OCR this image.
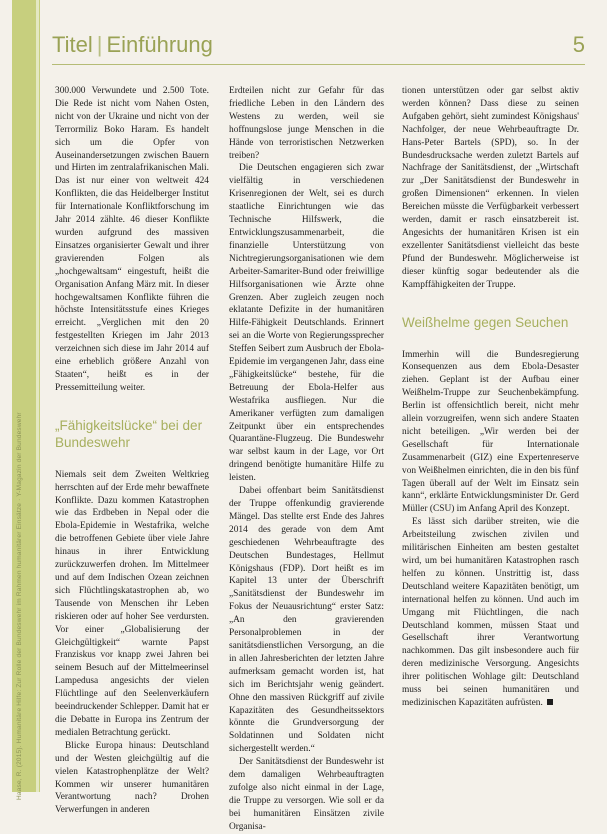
Haase, R. (2015). Humanitäre Hilfe: Zur Rolle der Bundeswehr im Rahmen humanitärer Einsätze · Y-Magazin der Bundeswehr
Titel | Einführung	5

300.000 Verwundete und 2.500 Tote. Die Rede ist nicht vom Nahen Osten, nicht von der Ukraine und nicht von der Terrormiliz Boko Haram. Es handelt sich um die Opfer von Auseinandersetzungen zwischen Bauern und Hirten im zentralafrikanischen Mali. Das ist nur einer von weltweit 424 Konflikten, die das Heidelberger Institut für Internationale Konfliktforschung im Jahr 2014 zählte. 46 dieser Konflikte wurden aufgrund des massiven Einsatzes organisierter Gewalt und ihrer gravierenden Folgen als „hochgewaltsam“ eingestuft, heißt die Organisation Anfang März mit. In dieser hochgewaltsamen Konflikte führen die höchste Intensitätsstufe eines Krieges erreicht. „Verglichen mit den 20 festgestellten Kriegen im Jahr 2013 verzeichnen sich diese im Jahr 2014 auf eine erheblich größere Anzahl von Staaten“, heißt es in der Pressemitteilung weiter.

„Fähigkeitslücke“ bei der Bundeswehr

Niemals seit dem Zweiten Weltkrieg herrschten auf der Erde mehr bewaffnete Konflikte. Dazu kommen Katastrophen wie das Erdbeben in Nepal oder die Ebola-Epidemie in Westafrika, welche die betroffenen Gebiete über viele Jahre hinaus in ihrer Entwicklung zurückzuwerfen drohen. Im Mittelmeer und auf dem Indischen Ozean zeichnen sich Flüchtlingskatastrophen ab, wo Tausende von Menschen ihr Leben riskieren oder auf hoher See verdursten. Vor einer „Globalisierung der Gleichgültigkeit“ warnte Papst Franziskus vor knapp zwei Jahren bei seinem Besuch auf der Mittelmeerinsel Lampedusa angesichts der vielen Flüchtlinge auf den Seelenverkäufern beeindruckender Schlepper. Damit hat er die Debatte in Europa ins Zentrum der medialen Betrachtung gerückt.

Blicke Europa hinaus: Deutschland und der Westen gleichgültig auf die vielen Katastrophenplätze der Welt? Kommen wir unserer humanitären Verantwortung nach? Drohen Verwerfungen in anderen

Erdteilen nicht zur Gefahr für das friedliche Leben in den Ländern des Westens zu werden, weil sie hoffnungslose junge Menschen in die Hände von terroristischen Netzwerken treiben?

Die Deutschen engagieren sich zwar vielfältig in verschiedenen Krisenregionen der Welt, sei es durch staatliche Einrichtungen wie das Technische Hilfswerk, die Entwicklungszusammenarbeit, die finanzielle Unterstützung von Nichtregierungsorganisationen wie dem Arbeiter-Samariter-Bund oder freiwillige Hilfsorganisationen wie Ärzte ohne Grenzen. Aber zugleich zeugen noch eklatante Defizite in der humanitären Hilfe-Fähigkeit Deutschlands. Erinnert sei an die Worte von Regierungssprecher Steffen Seibert zum Ausbruch der Ebola-Epidemie im vergangenen Jahr, dass eine „Fähigkeitslücke“ bestehe, für die Betreuung der Ebola-Helfer aus Westafrika ausfliegen. Nur die Amerikaner verfügten zum damaligen Zeitpunkt über ein entsprechendes Quarantäne-Flugzeug. Die Bundeswehr war selbst kaum in der Lage, vor Ort dringend benötigte humanitäre Hilfe zu leisten.

Dabei offenbart beim Sanitätsdienst der Truppe offenkundig gravierende Mängel. Das stellte erst Ende des Jahres 2014 des gerade von dem Amt geschiedenen Wehrbeauftragte des Deutschen Bundestages, Hellmut Königshaus (FDP). Dort heißt es im Kapitel 13 unter der Überschrift „Sanitätsdienst der Bundeswehr im Fokus der Neuausrichtung“ erster Satz: „An den gravierenden Personalproblemen in der sanitätsdienstlichen Versorgung, an die in allen Jahresberichten der letzten Jahre aufmerksam gemacht worden ist, hat sich im Berichtsjahr wenig geändert. Ohne den massiven Rückgriff auf zivile Kapazitäten des Gesundheitssektors könnte die Grundversorgung der Soldatinnen und Soldaten nicht sichergestellt werden.“

Der Sanitätsdienst der Bundeswehr ist dem damaligen Wehrbeauftragten zufolge also nicht einmal in der Lage, die Truppe zu versorgen. Wie soll er da bei humanitären Einsätzen zivile Organisa-

tionen unterstützen oder gar selbst aktiv werden können? Dass diese zu seinen Aufgaben gehört, sieht zumindest Königshaus' Nachfolger, der neue Wehrbeauftragte Dr. Hans-Peter Bartels (SPD), so. In der Bundesdrucksache werden zuletzt Bartels auf Nachfrage der Sanitätsdienst, der „Wirtschaft zur „Der Sanitätsdienst der Bundeswehr in großen Dimensionen“ erkennen. In vielen Bereichen müsste die Verfügbarkeit verbessert werden, damit er rasch einsatzbereit ist. Angesichts der humanitären Krisen ist ein exzellenter Sanitätsdienst vielleicht das beste Pfund der Bundeswehr. Möglicherweise ist dieser künftig sogar bedeutender als die Kampffähigkeiten der Truppe.

Weißhelme gegen Seuchen

Immerhin will die Bundesregierung Konsequenzen aus dem Ebola-Desaster ziehen. Geplant ist der Aufbau einer Weißhelm-Truppe zur Seuchenbekämpfung. Berlin ist offensichtlich bereit, nicht mehr allein vorzugreifen, wenn sich andere Staaten nicht beteiligen. „Wir werden bei der Gesellschaft für Internationale Zusammenarbeit (GIZ) eine Expertenreserve von Weißhelmen einrichten, die in den bis fünf Tagen überall auf der Welt im Einsatz sein kann“, erklärte Entwicklungsminister Dr. Gerd Müller (CSU) im Anfang April des Konzept.

Es lässt sich darüber streiten, wie die Arbeitsteilung zwischen zivilen und militärischen Einheiten am besten gestaltet wird, um bei humanitären Katastrophen rasch helfen zu können. Unstrittig ist, dass Deutschland weitere Kapazitäten benötigt, um international helfen zu können. Und auch im Umgang mit Flüchtlingen, die nach Deutschland kommen, müssen Staat und Gesellschaft ihrer Verantwortung nachkommen. Das gilt insbesondere auch für deren medizinische Versorgung. Angesichts ihrer politischen Wohlage gilt: Deutschland muss bei seinen humanitären und medizinischen Kapazitäten aufrüsten.
